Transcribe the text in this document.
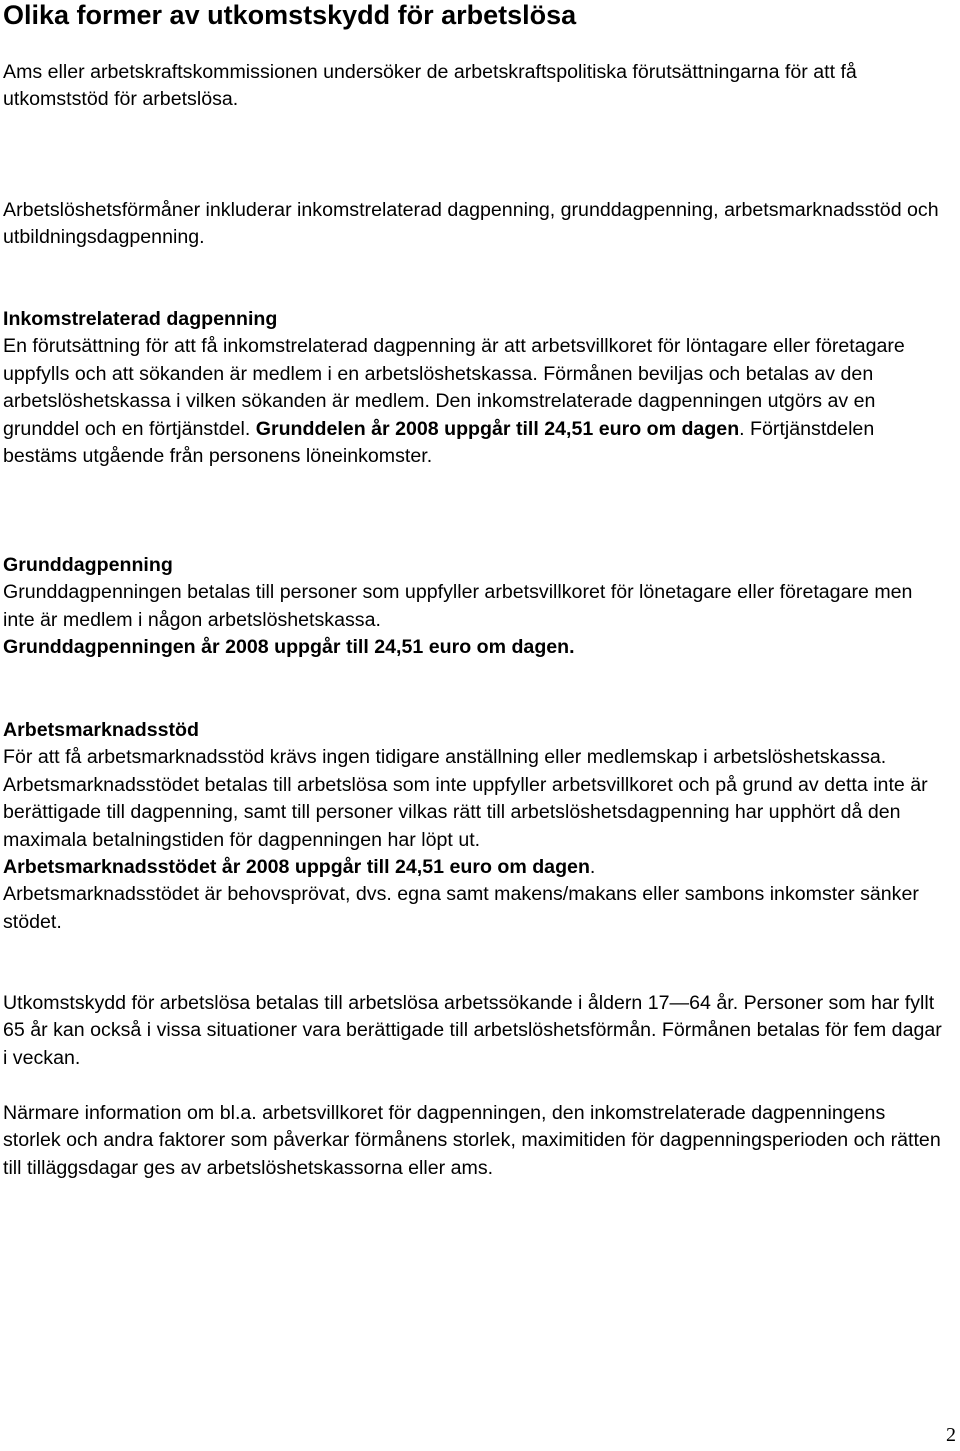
Olika former av utkomstskydd för arbetslösa

Ams eller arbetskraftskommissionen undersöker de arbetskraftspolitiska förutsättningarna för att få utkomststöd för arbetslösa.

Arbetslöshetsförmåner inkluderar inkomstrelaterad dagpenning, grunddagpenning, arbetsmarknadsstöd och utbildningsdagpenning.

Inkomstrelaterad dagpenning

En förutsättning för att få inkomstrelaterad dagpenning är att arbetsvillkoret för löntagare eller företagare uppfylls och att sökanden är medlem i en arbetslöshetskassa. Förmånen beviljas och betalas av den arbetslöshetskassa i vilken sökanden är medlem. Den inkomstrelaterade dagpenningen utgörs av en grunddel och en förtjänstdel. Grunddelen år 2008 uppgår till 24,51 euro om dagen. Förtjänstdelen bestäms utgående från personens löneinkomster.

Grunddagpenning

Grunddagpenningen betalas till personer som uppfyller arbetsvillkoret för lönetagare eller företagare men inte är medlem i någon arbetslöshetskassa.
Grunddagpenningen år 2008 uppgår till 24,51 euro om dagen.

Arbetsmarknadsstöd

För att få arbetsmarknadsstöd krävs ingen tidigare anställning eller medlemskap i arbetslöshetskassa. Arbetsmarknadsstödet betalas till arbetslösa som inte uppfyller arbetsvillkoret och på grund av detta inte är berättigade till dagpenning, samt till personer vilkas rätt till arbetslöshetsdagpenning har upphört då den maximala betalningstiden för dagpenningen har löpt ut.
Arbetsmarknadsstödet år 2008 uppgår till 24,51 euro om dagen.
Arbetsmarknadsstödet är behovsprövat, dvs. egna samt makens/makans eller sambons inkomster sänker stödet.

Utkomstskydd för arbetslösa betalas till arbetslösa arbetssökande i åldern 17—64 år. Personer som har fyllt 65 år kan också i vissa situationer vara berättigade till arbetslöshetsförmån. Förmånen betalas för fem dagar i veckan.

Närmare information om bl.a. arbetsvillkoret för dagpenningen, den inkomstrelaterade dagpenningens storlek och andra faktorer som påverkar förmånens storlek, maximitiden för dagpenningsperioden och rätten till tilläggsdagar ges av arbetslöshetskassorna eller ams.

2
